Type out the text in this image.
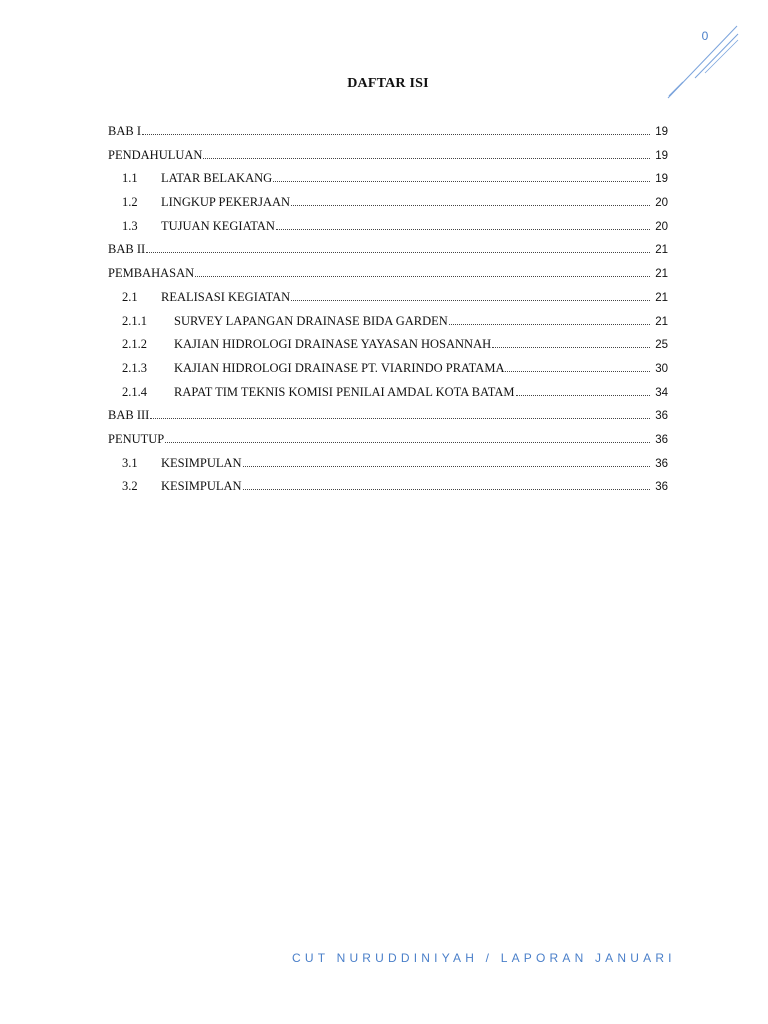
0
DAFTAR ISI
BAB I	19
PENDAHULUAN	19
1.1	LATAR BELAKANG	19
1.2	LINGKUP PEKERJAAN	20
1.3	TUJUAN KEGIATAN	20
BAB II	21
PEMBAHASAN	21
2.1	REALISASI KEGIATAN	21
2.1.1	SURVEY LAPANGAN DRAINASE BIDA GARDEN	21
2.1.2	KAJIAN HIDROLOGI DRAINASE YAYASAN HOSANNAH	25
2.1.3	KAJIAN HIDROLOGI DRAINASE PT. VIARINDO PRATAMA	30
2.1.4	RAPAT TIM TEKNIS KOMISI PENILAI AMDAL KOTA BATAM	34
BAB III	36
PENUTUP	36
3.1	KESIMPULAN	36
3.2	KESIMPULAN	36
CUT NURUDDINIYAH / LAPORAN JANUARI
